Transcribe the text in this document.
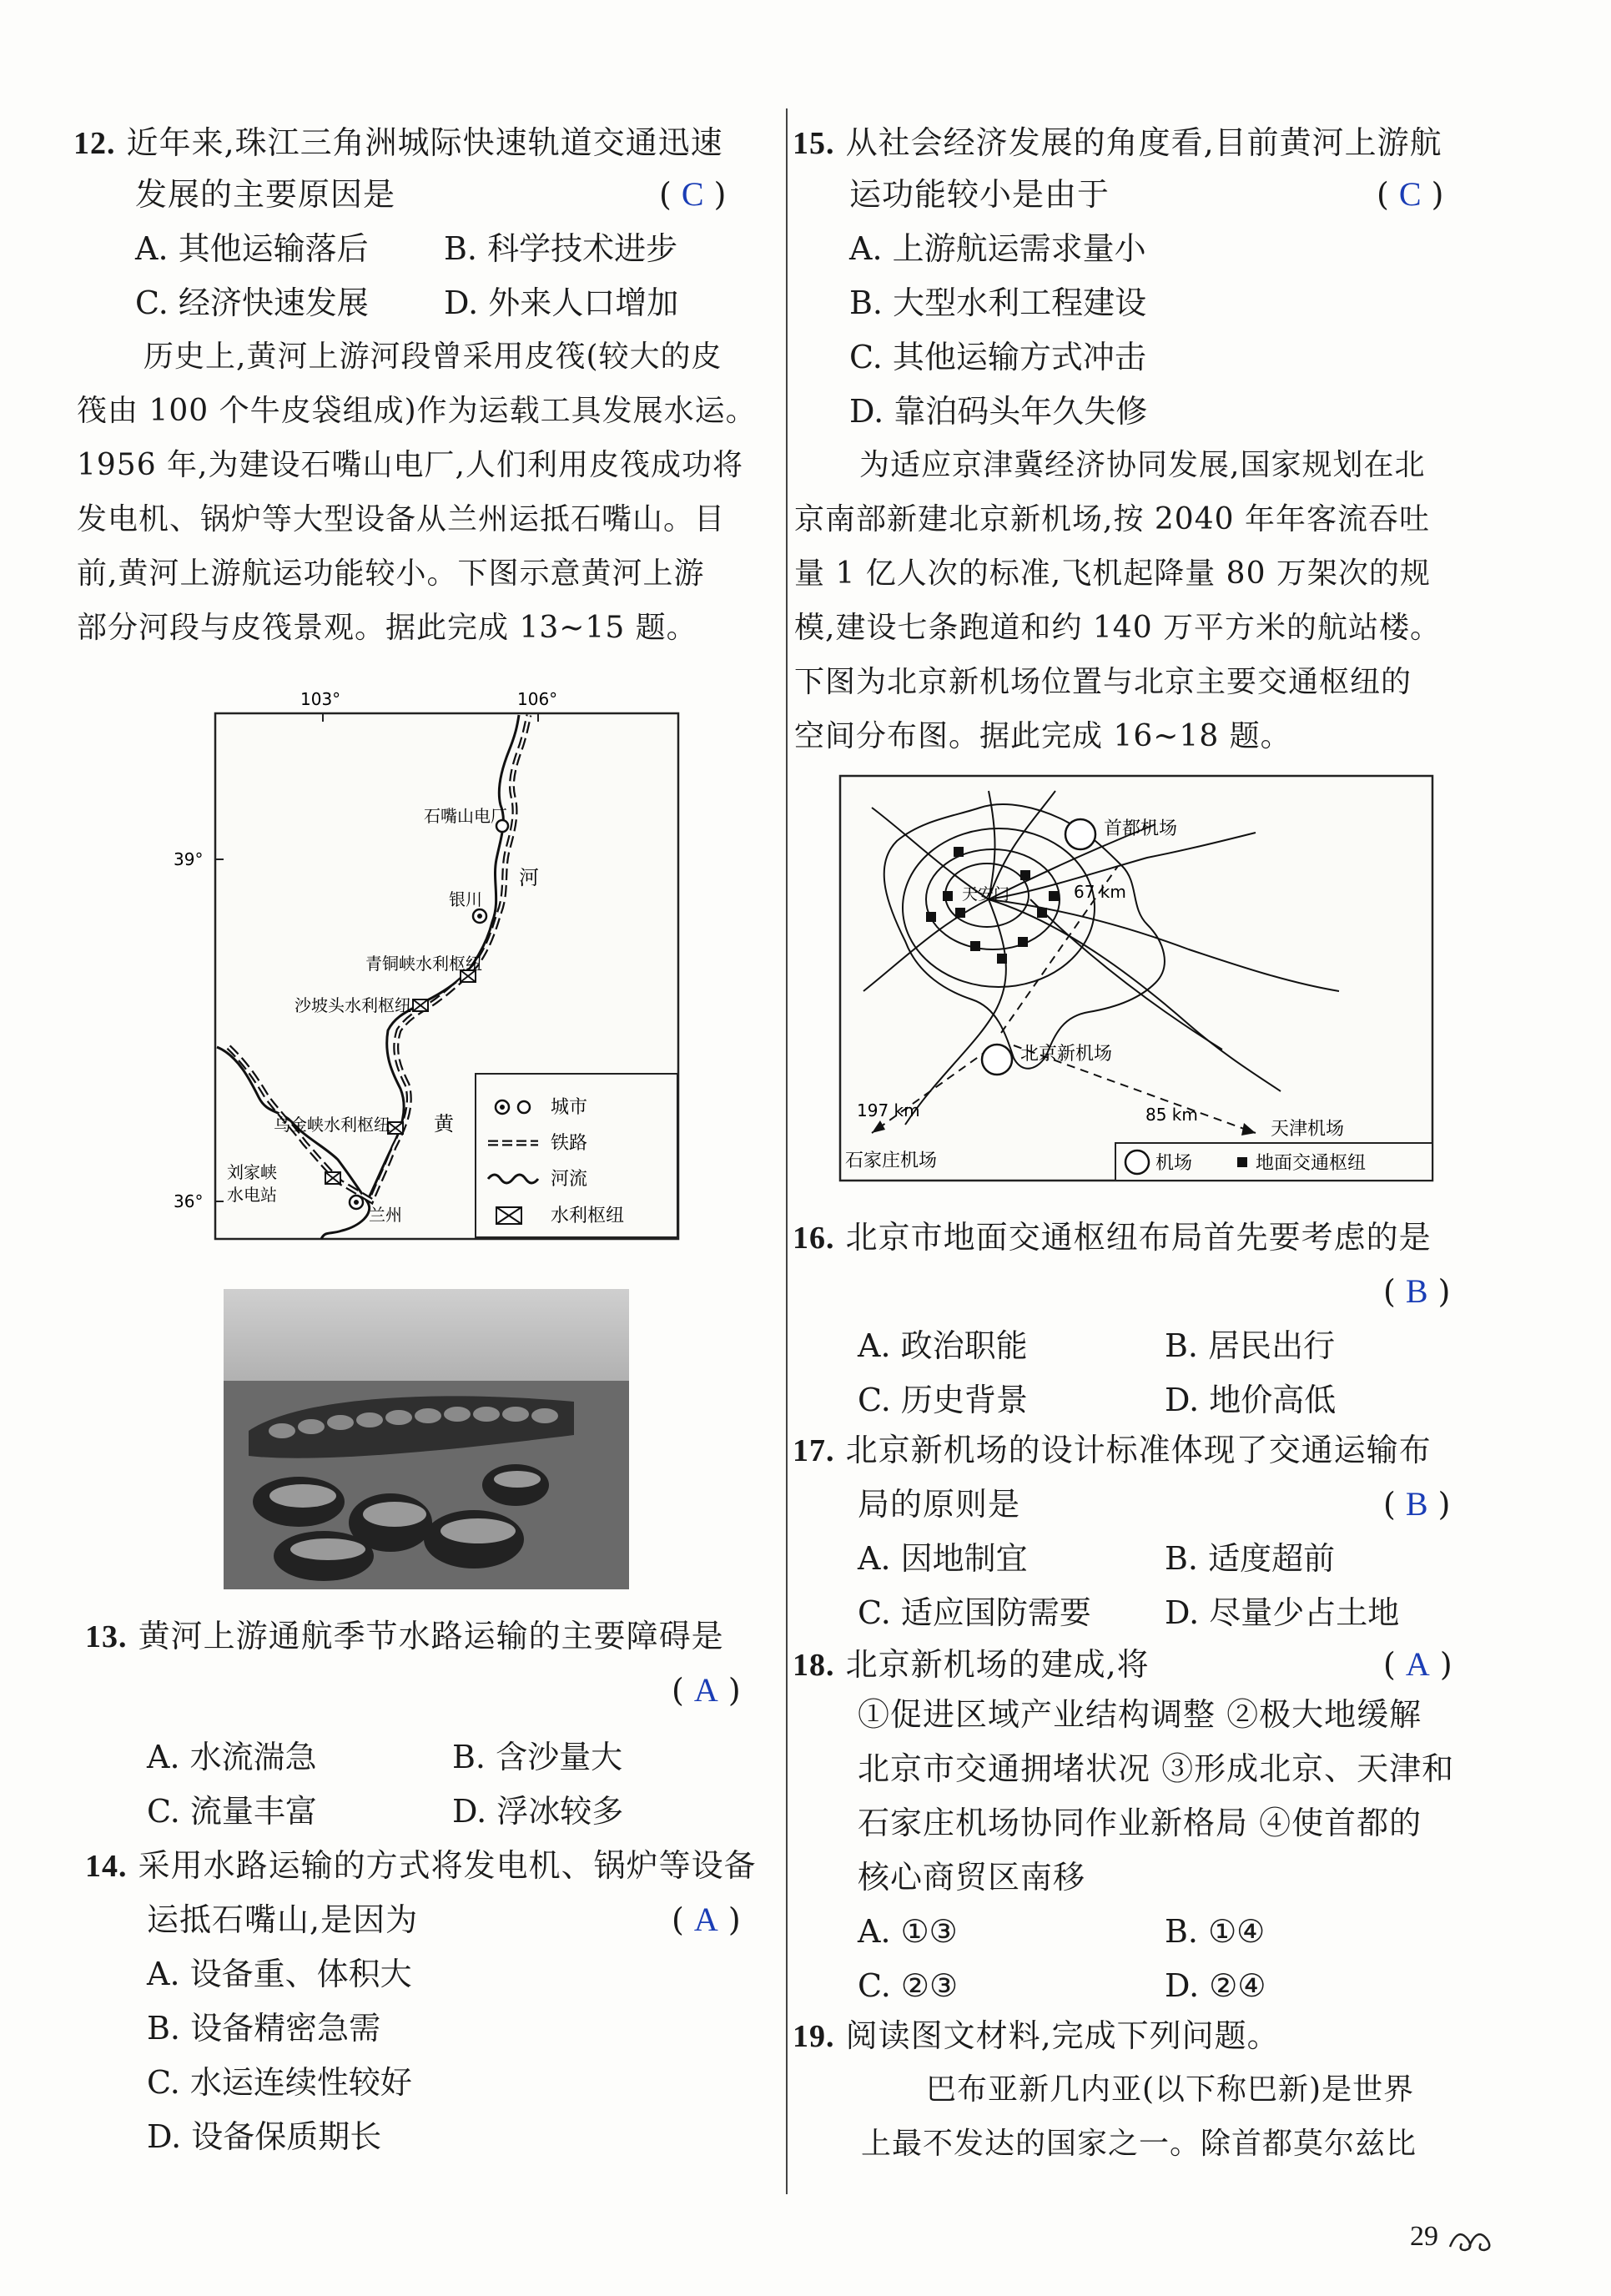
12. 近年来,珠江三角洲城际快速轨道交通迅速
发展的主要原因是	( C )
A. 其他运输落后 B. 科学技术进步
C. 经济快速发展 D. 外来人口增加
历史上,黄河上游河段曾采用皮筏(较大的皮
筏由 100 个牛皮袋组成)作为运载工具发展水运。
1956 年,为建设石嘴山电厂,人们利用皮筏成功将
发电机、锅炉等大型设备从兰州运抵石嘴山。目
前,黄河上游航运功能较小。下图示意黄河上游
部分河段与皮筏景观。据此完成 13~15 题。
103°	106°
39°
36°
石嘴山电厂
河
银川
青铜峡水利枢纽
沙坡头水利枢纽
乌金峡水利枢纽 黄
刘家峡
水电站
兰州
城市
铁路
河流
水利枢纽
13. 黄河上游通航季节水路运输的主要障碍是
( A )
A. 水流湍急	B. 含沙量大
C. 流量丰富	D. 浮冰较多
14. 采用水路运输的方式将发电机、锅炉等设备
运抵石嘴山,是因为	( A )
A. 设备重、体积大
B. 设备精密急需
C. 水运连续性较好
D. 设备保质期长
15. 从社会经济发展的角度看,目前黄河上游航
运功能较小是由于	( C )
A. 上游航运需求量小
B. 大型水利工程建设
C. 其他运输方式冲击
D. 靠泊码头年久失修
为适应京津冀经济协同发展,国家规划在北
京南部新建北京新机场,按 2040 年年客流吞吐
量 1 亿人次的标准,飞机起降量 80 万架次的规
模,建设七条跑道和约 140 万平方米的航站楼。
下图为北京新机场位置与北京主要交通枢纽的
空间分布图。据此完成 16~18 题。
首都机场
天安门	67 km
北京新机场
197 km	85 km
石家庄机场
天津机场
机场	地面交通枢纽
16. 北京市地面交通枢纽布局首先要考虑的是
( B )
A. 政治职能	B. 居民出行
C. 历史背景	D. 地价高低
17. 北京新机场的设计标准体现了交通运输布
局的原则是	( B )
A. 因地制宜	B. 适度超前
C. 适应国防需要 D. 尽量少占土地
18. 北京新机场的建成,将	( A )
①促进区域产业结构调整 ②极大地缓解
北京市交通拥堵状况 ③形成北京、天津和
石家庄机场协同作业新格局 ④使首都的
核心商贸区南移
A. ①③	B. ①④
C. ②③	D. ②④
19. 阅读图文材料,完成下列问题。
巴布亚新几内亚(以下称巴新)是世界
上最不发达的国家之一。除首都莫尔兹比
29
